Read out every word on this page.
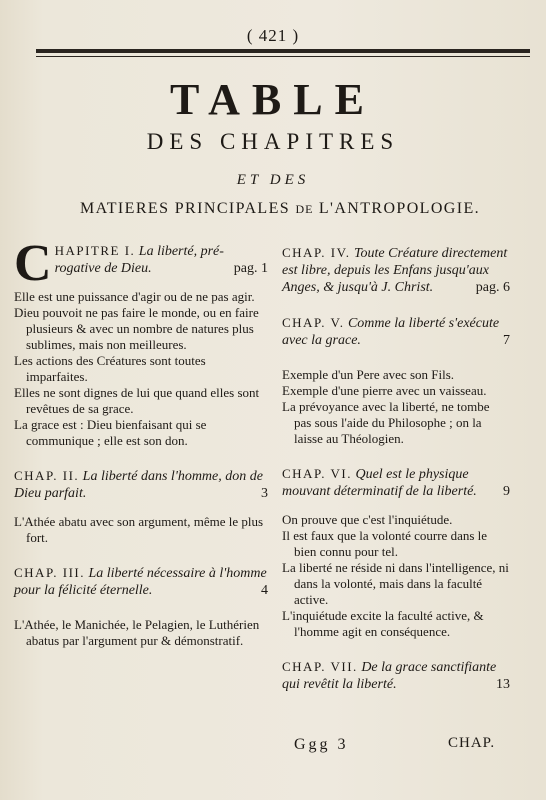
( 421 )
TABLE
DES CHAPITRES
ET DES
MATIERES PRINCIPALES DE L'ANTROPOLOGIE.
C HAPITRE I. La liberté, pré-
rogative de Dieu.	pag. 1
Elle est une puissance d'agir ou de ne pas agir.
Dieu pouvoit ne pas faire le monde, ou en faire plusieurs & avec un nombre de natures plus sublimes, mais non meilleures.
Les actions des Créatures sont toutes imparfaites.
Elles ne sont dignes de lui que quand elles sont revêtues de sa grace.
La grace est : Dieu bienfaisant qui se communique ; elle est son don.
CHAP. II. La liberté dans l'homme, don de Dieu parfait.	3
L'Athée abatu avec son argument, même le plus fort.
CHAP. III. La liberté nécessaire à l'homme pour la félicité éternelle.	4
L'Athée, le Manichée, le Pelagien, le Luthérien abatus par l'argument pur & démonstratif.
CHAP. IV. Toute Créature directement est libre, depuis les Enfans jusqu'aux Anges, & jusqu'à J. Christ.	pag. 6
CHAP. V. Comme la liberté s'exécute avec la grace.	7
Exemple d'un Pere avec son Fils.
Exemple d'une pierre avec un vaisseau.
La prévoyance avec la liberté, ne tombe pas sous l'aide du Philosophe ; on la laisse au Théologien.
CHAP. VI. Quel est le physique mouvant déterminatif de la liberté. 9
On prouve que c'est l'inquiétude.
Il est faux que la volonté courre dans le bien connu pour tel.
La liberté ne réside ni dans l'intelligence, ni dans la volonté, mais dans la faculté active.
L'inquiétude excite la faculté active, & l'homme agit en conséquence.
CHAP. VII. De la grace sanctifiante qui revêtit la liberté.	13
Ggg 3	CHAP.
